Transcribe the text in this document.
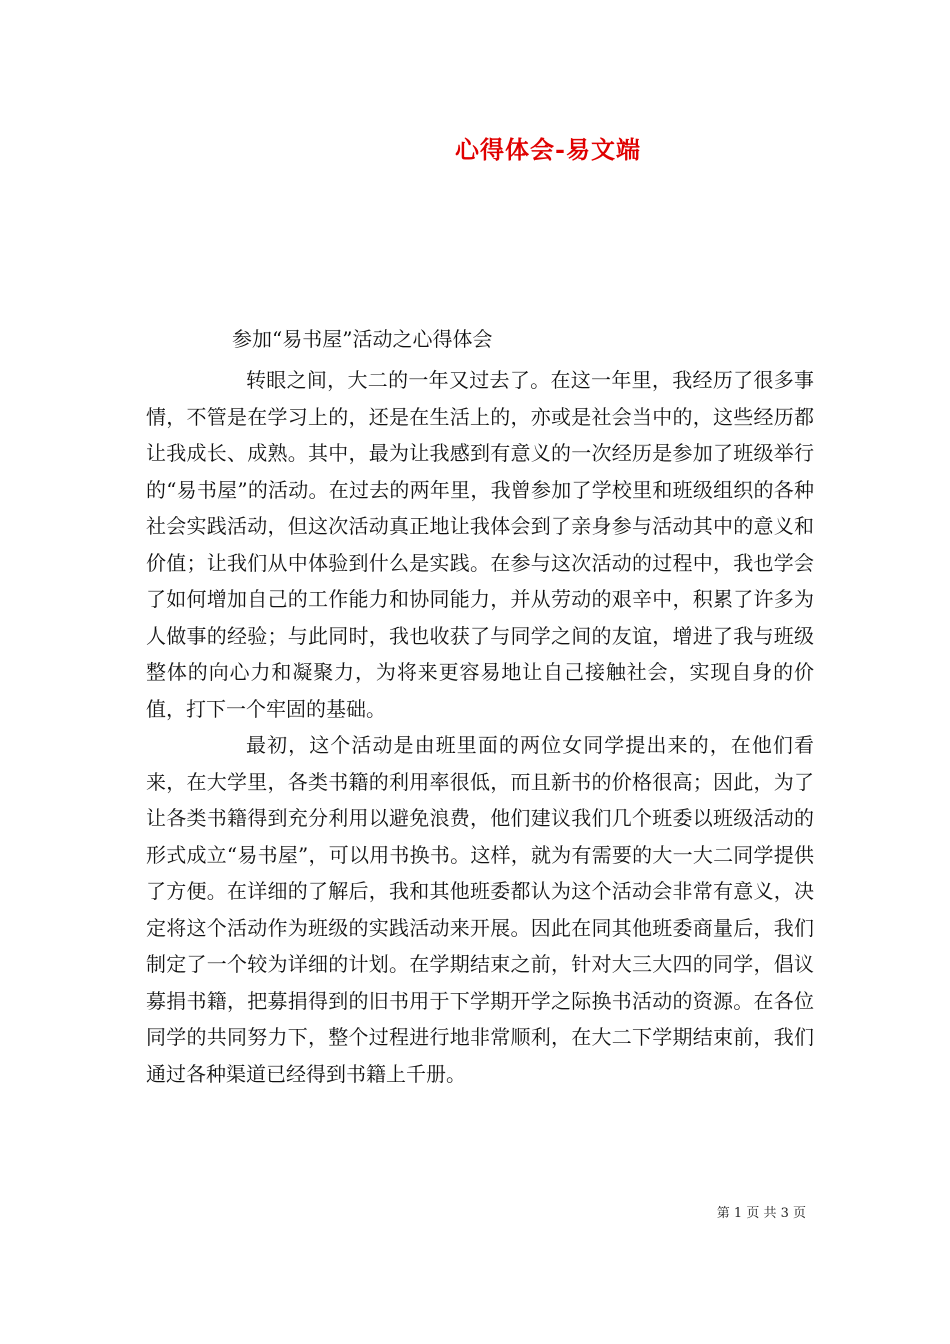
心得体会-易文端
参加“易书屋”活动之心得体会

转眼之间，大二的一年又过去了。在这一年里，我经历了很多事情，不管是在学习上的，还是在生活上的，亦或是社会当中的，这些经历都让我成长、成熟。其中，最为让我感到有意义的一次经历是参加了班级举行的“易书屋”的活动。在过去的两年里，我曾参加了学校里和班级组织的各种社会实践活动，但这次活动真正地让我体会到了亲身参与活动其中的意义和价值；让我们从中体验到什么是实践。在参与这次活动的过程中，我也学会了如何增加自己的工作能力和协同能力，并从劳动的艰辛中，积累了许多为人做事的经验；与此同时，我也收获了与同学之间的友谊，增进了我与班级整体的向心力和凝聚力，为将来更容易地让自己接触社会，实现自身的价值，打下一个牢固的基础。

最初，这个活动是由班里面的两位女同学提出来的，在他们看来，在大学里，各类书籍的利用率很低，而且新书的价格很高；因此，为了让各类书籍得到充分利用以避免浪费，他们建议我们几个班委以班级活动的形式成立“易书屋”，可以用书换书。这样，就为有需要的大一大二同学提供了方便。在详细的了解后，我和其他班委都认为这个活动会非常有意义，决定将这个活动作为班级的实践活动来开展。因此在同其他班委商量后，我们制定了一个较为详细的计划。在学期结束之前，针对大三大四的同学，倡议募捐书籍，把募捐得到的旧书用于下学期开学之际换书活动的资源。在各位同学的共同努力下，整个过程进行地非常顺利，在大二下学期结束前，我们通过各种渠道已经得到书籍上千册。

第 1 页 共 3 页
